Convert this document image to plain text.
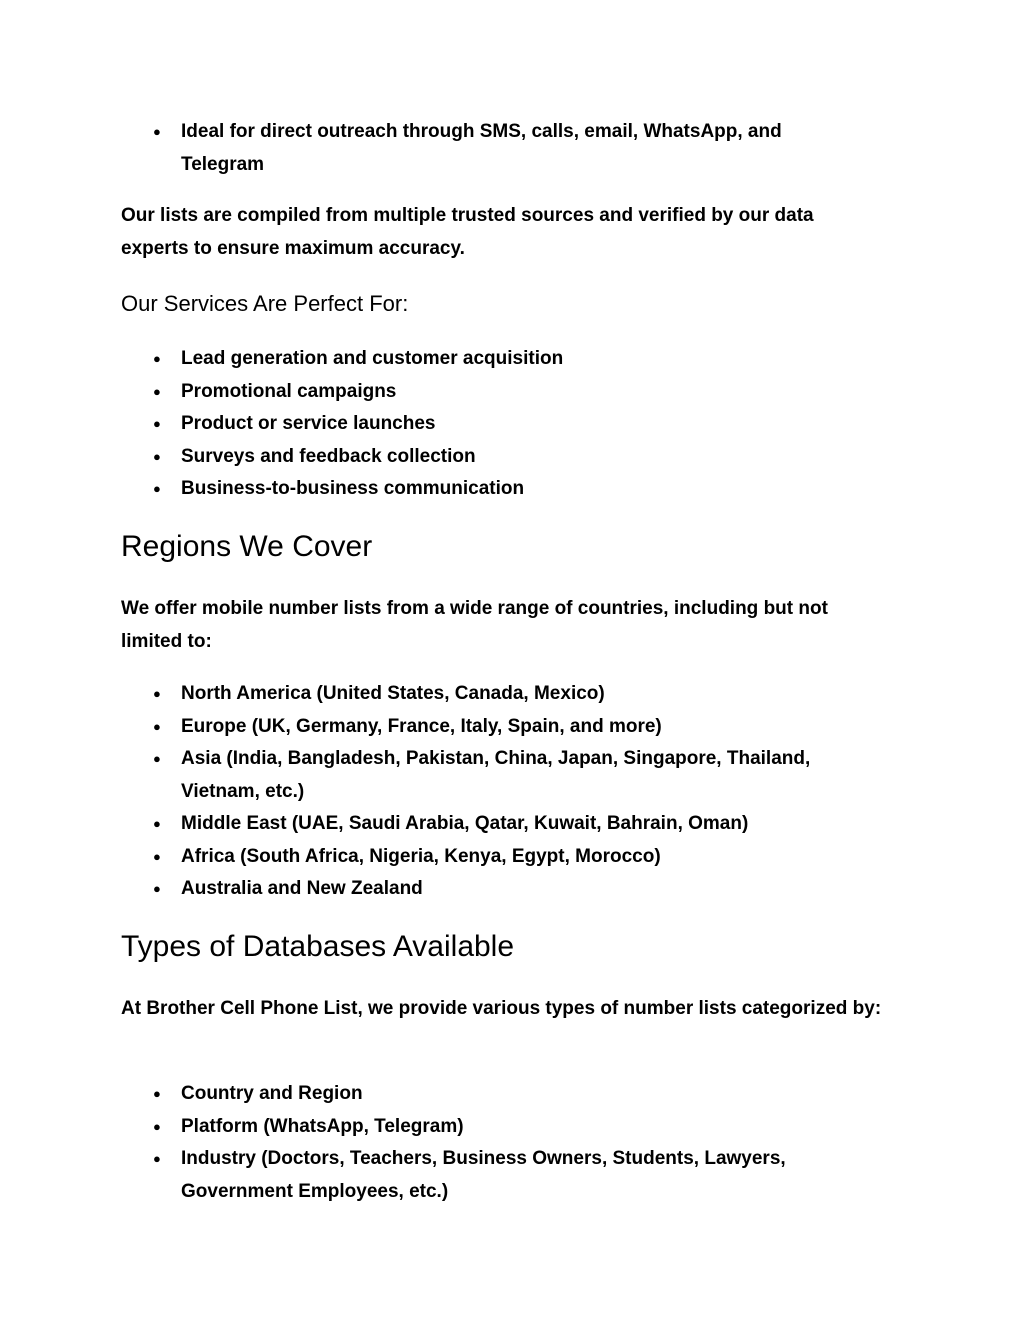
● Ideal for direct outreach through SMS, calls, email, WhatsApp, and Telegram

Our lists are compiled from multiple trusted sources and verified by our data experts to ensure maximum accuracy.

Our Services Are Perfect For:
● Lead generation and customer acquisition
● Promotional campaigns
● Product or service launches
● Surveys and feedback collection
● Business-to-business communication
Regions We Cover

We offer mobile number lists from a wide range of countries, including but not limited to:

● North America (United States, Canada, Mexico)
● Europe (UK, Germany, France, Italy, Spain, and more)
● Asia (India, Bangladesh, Pakistan, China, Japan, Singapore, Thailand, Vietnam, etc.)
● Middle East (UAE, Saudi Arabia, Qatar, Kuwait, Bahrain, Oman)
● Africa (South Africa, Nigeria, Kenya, Egypt, Morocco)
● Australia and New Zealand
Types of Databases Available

At Brother Cell Phone List, we provide various types of number lists categorized by:

● Country and Region
● Platform (WhatsApp, Telegram)
● Industry (Doctors, Teachers, Business Owners, Students, Lawyers, Government Employees, etc.)
